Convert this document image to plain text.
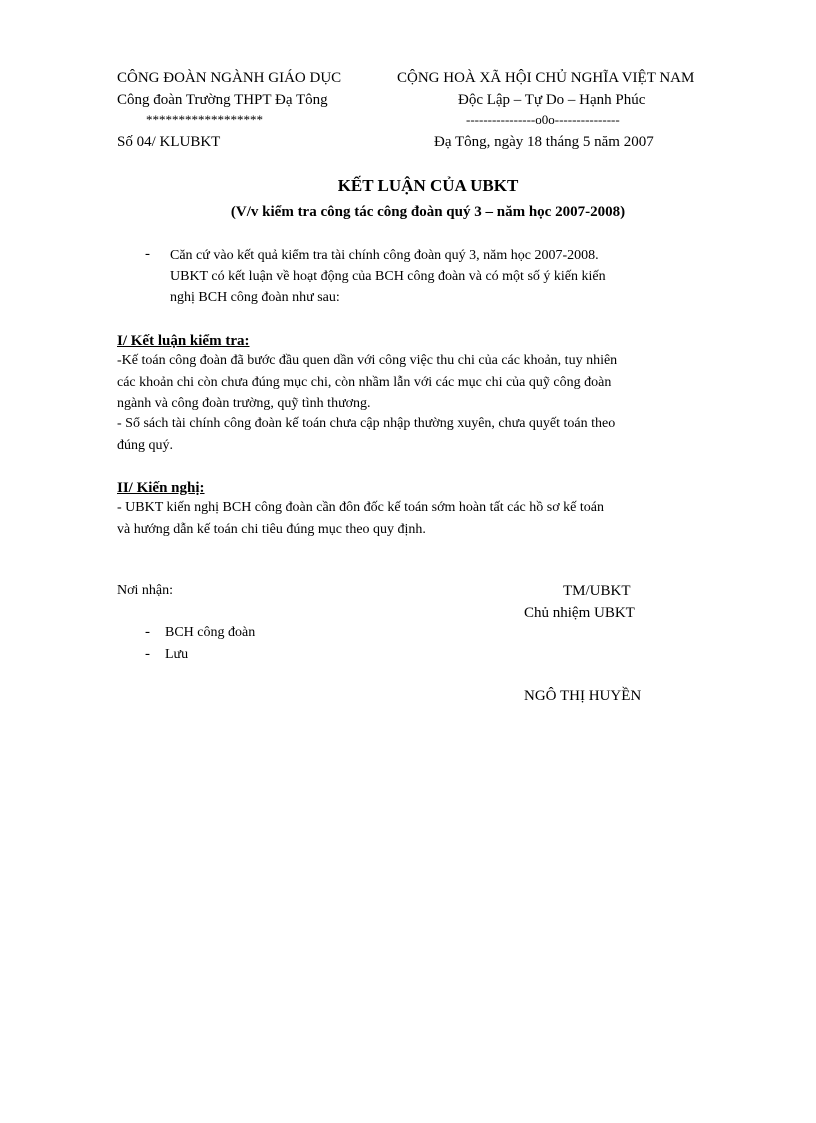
CÔNG ĐOÀN NGÀNH GIÁO DỤC
Công đoàn Trường THPT Đạ Tông
******************
Số 04/ KLUBKT
CỘNG HOÀ XÃ HỘI CHỦ NGHĨA VIỆT NAM
Độc Lập – Tự Do – Hạnh Phúc
----------------o0o---------------
Đạ Tông, ngày 18 tháng 5 năm 2007
KẾT LUẬN CỦA UBKT
(V/v kiểm tra công tác công đoàn quý 3 – năm học 2007-2008)
- Căn cứ vào kết quả kiểm tra tài chính công đoàn quý 3, năm học 2007-2008.
UBKT có kết luận về hoạt động của BCH công đoàn và có một số ý kiến kiến
nghị BCH công đoàn như sau:
I/ Kết luận kiểm tra:
-Kế toán công đoàn đã bước đầu quen dần với công việc thu chi của các khoản, tuy nhiên
các khoản chi còn chưa đúng mục chi, còn nhầm lẫn với các mục chi của quỹ công đoàn
ngành và công đoàn trường, quỹ tình thương.
- Sổ sách tài chính công đoàn kế toán chưa cập nhập thường xuyên, chưa quyết toán theo
đúng quý.
II/ Kiến nghị:
- UBKT kiến nghị BCH công đoàn cần đôn đốc kế toán sớm hoàn tất các hồ sơ kế toán
và hướng dẫn kế toán chi tiêu đúng mục theo quy định.
Nơi nhận:
- BCH công đoàn
- Lưu
TM/UBKT
Chủ nhiệm UBKT
NGÔ THỊ HUYỀN
